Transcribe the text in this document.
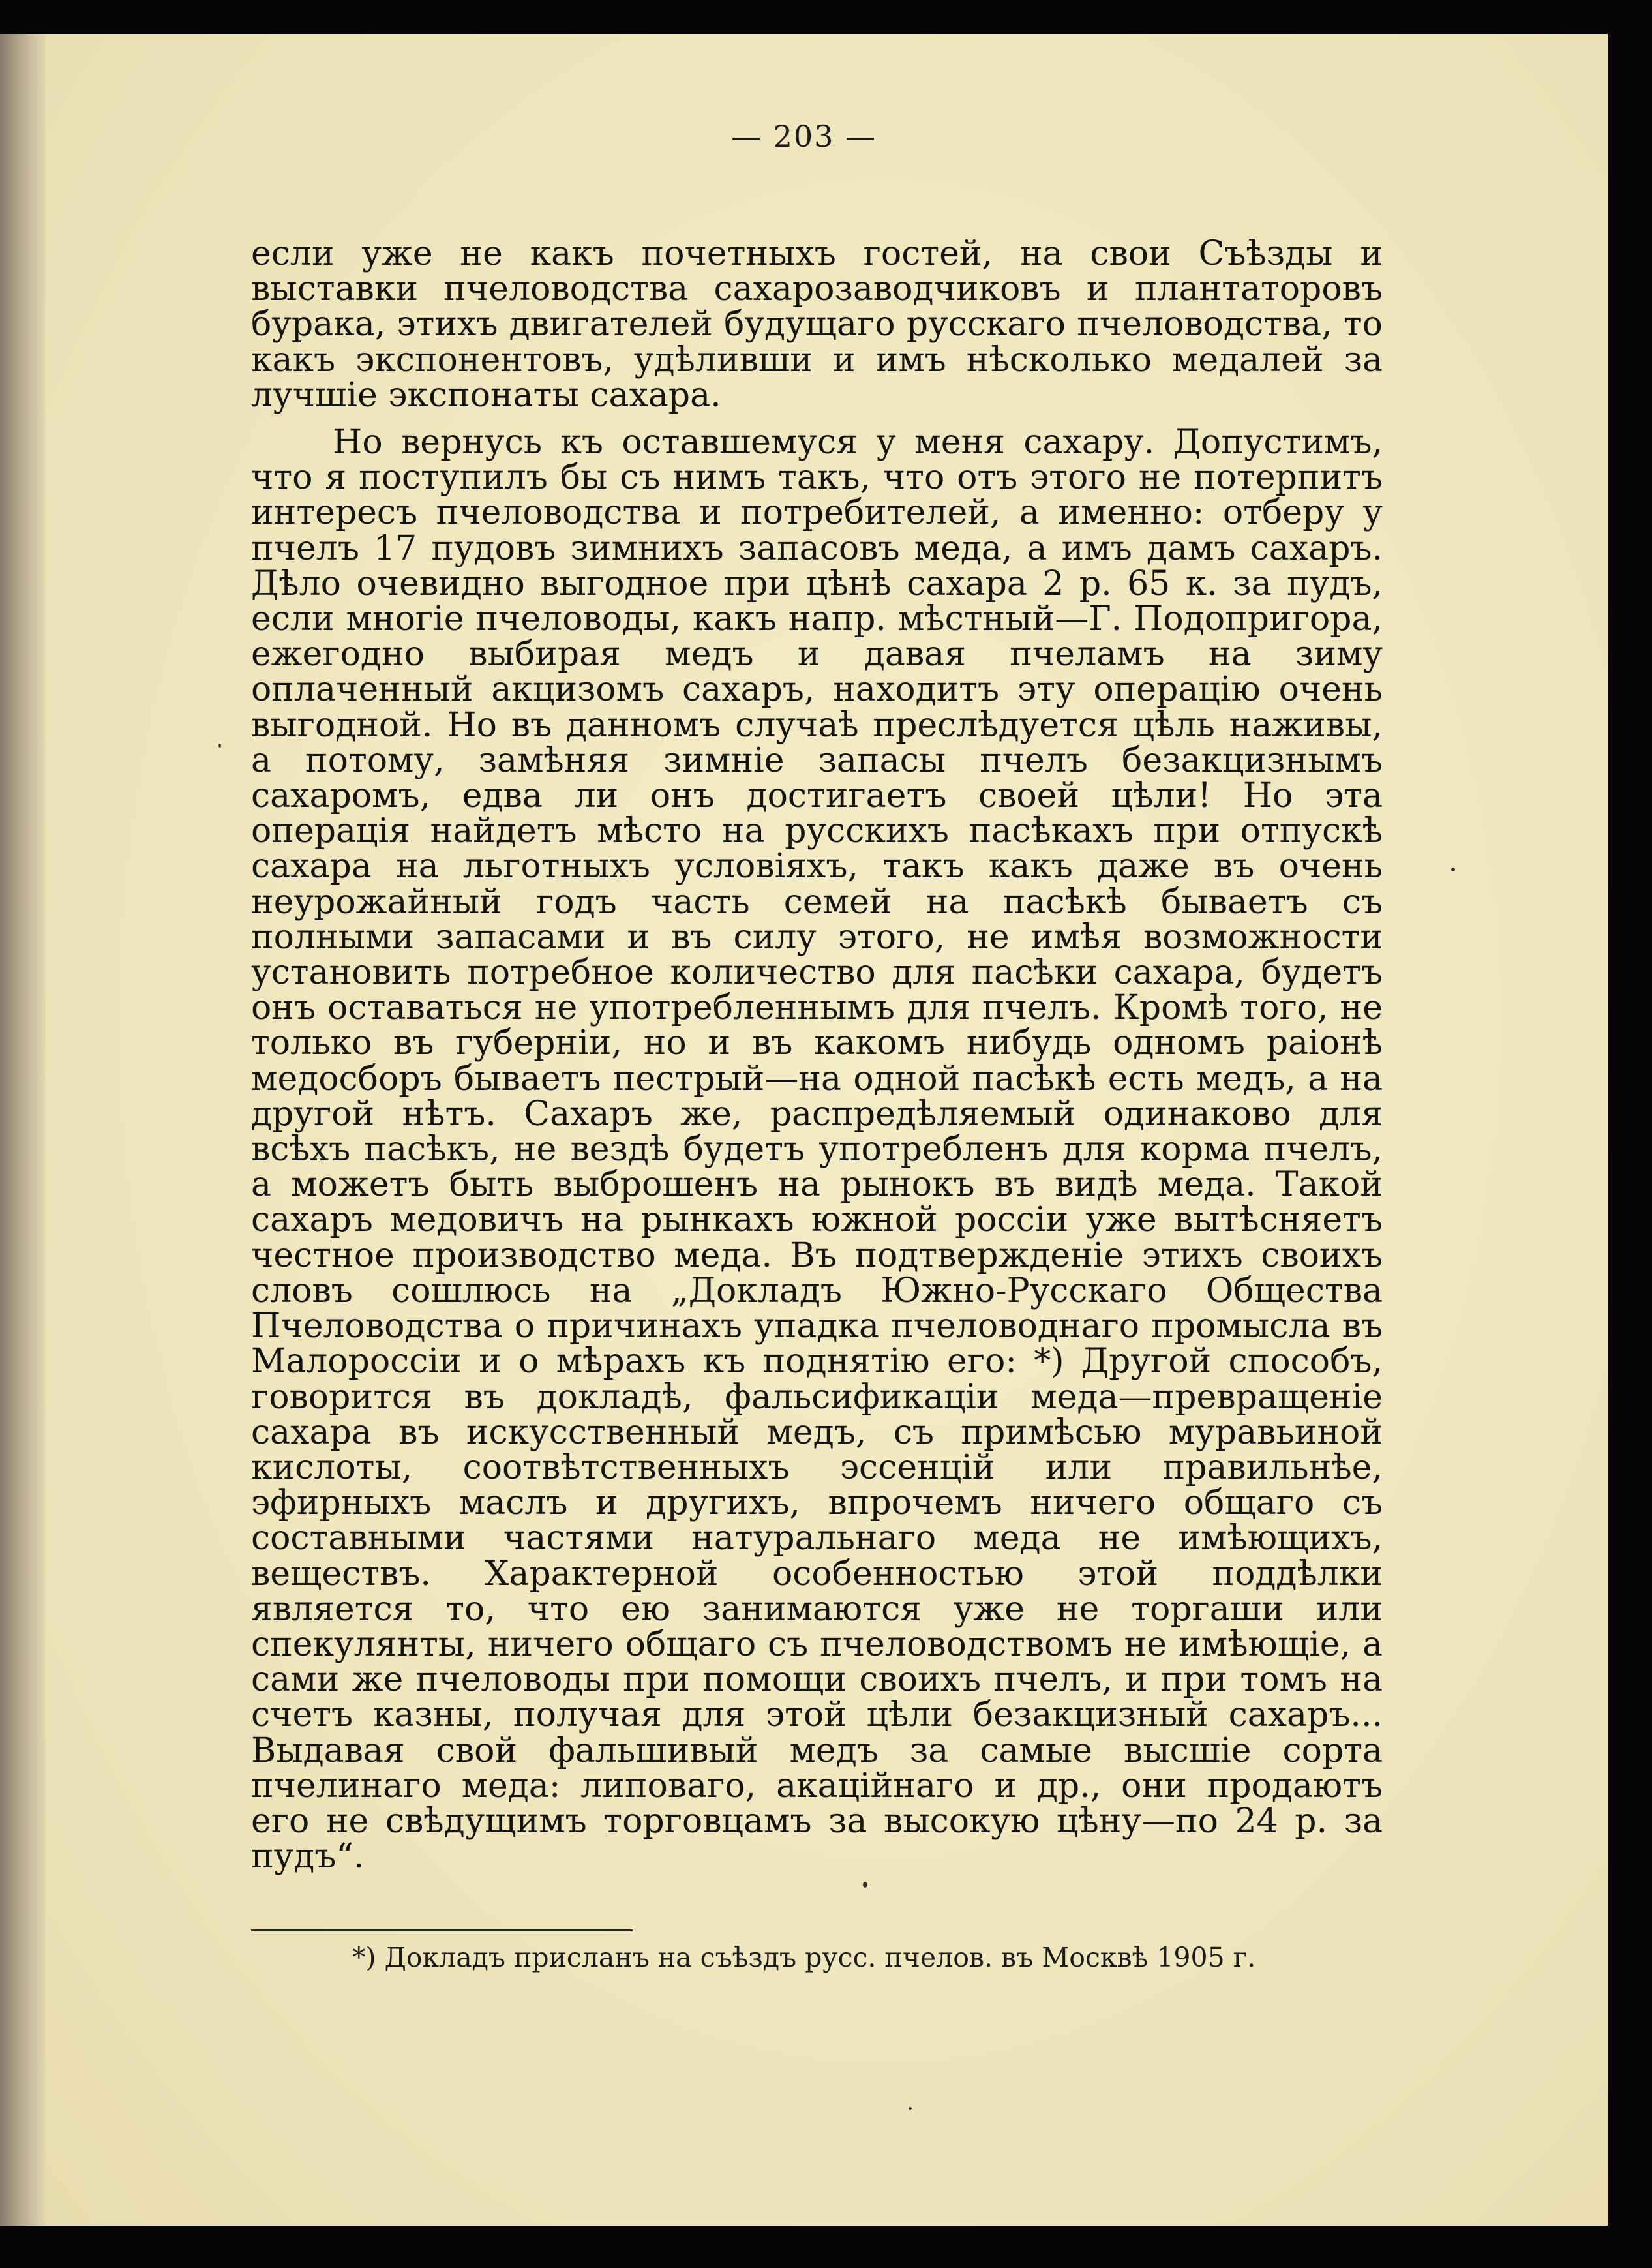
— 203 —

если уже не какъ почетныхъ гостей, на свои Съѣзды и выставки пчеловодства сахарозаводчиковъ и плантаторовъ бурака, этихъ двигателей будущаго русскаго пчеловодства, то какъ экспонентовъ, удѣливши и имъ нѣсколько медалей за лучшіе экспонаты сахара.

Но вернусь къ оставшемуся у меня сахару. Допустимъ, что я поступилъ бы съ нимъ такъ, что отъ этого не потерпитъ интересъ пчеловодства и потребителей, а именно: отберу у пчелъ 17 пудовъ зимнихъ запасовъ меда, а имъ дамъ сахаръ. Дѣло очевидно выгодное при цѣнѣ сахара 2 р. 65 к. за пудъ, если многіе пчеловоды, какъ напр. мѣстный—Г. Подопригора, ежегодно выбирая медъ и давая пчеламъ на зиму оплаченный акцизомъ сахаръ, находитъ эту операцію очень выгодной. Но въ данномъ случаѣ преслѣдуется цѣль наживы, а потому, замѣняя зимніе запасы пчелъ безакцизнымъ сахаромъ, едва ли онъ достигаетъ своей цѣли! Но эта операція найдетъ мѣсто на русскихъ пасѣкахъ при отпускѣ сахара на льготныхъ условіяхъ, такъ какъ даже въ очень неурожайный годъ часть семей на пасѣкѣ бываетъ съ полными запасами и въ силу этого, не имѣя возможности установить потребное количество для пасѣки сахара, будетъ онъ оставаться не употребленнымъ для пчелъ. Кромѣ того, не только въ губерніи, но и въ какомъ нибудь одномъ раіонѣ медосборъ бываетъ пестрый—на одной пасѣкѣ есть медъ, а на другой нѣтъ. Сахаръ же, распредѣляемый одинаково для всѣхъ пасѣкъ, не вездѣ будетъ употребленъ для корма пчелъ, а можетъ быть выброшенъ на рынокъ въ видѣ меда. Такой сахаръ медовичъ на рынкахъ южной россіи уже вытѣсняетъ честное производство меда. Въ подтвержденіе этихъ своихъ словъ сошлюсь на „Докладъ Южно-Русскаго Общества Пчеловодства о причинахъ упадка пчеловоднаго промысла въ Малороссіи и о мѣрахъ къ поднятію его: *) Другой способъ, говорится въ докладѣ, фальсификаціи меда—превращеніе сахара въ искусственный медъ, съ примѣсью муравьиной кислоты, соотвѣтственныхъ эссенцій или правильнѣе, эфирныхъ маслъ и другихъ, впрочемъ ничего общаго съ составными частями натуральнаго меда не имѣющихъ, веществъ. Характерной особенностью этой поддѣлки является то, что ею занимаются уже не торгаши или спекулянты, ничего общаго съ пчеловодствомъ не имѣющіе, а сами же пчеловоды при помощи своихъ пчелъ, и при томъ на счетъ казны, получая для этой цѣли безакцизный сахаръ... Выдавая свой фальшивый медъ за самые высшіе сорта пчелинаго меда: липоваго, акаційнаго и др., они продаютъ его не свѣдущимъ торговцамъ за высокую цѣну—по 24 р. за пудъ“.

*) Докладъ присланъ на съѣздъ русс. пчелов. въ Москвѣ 1905 г.
